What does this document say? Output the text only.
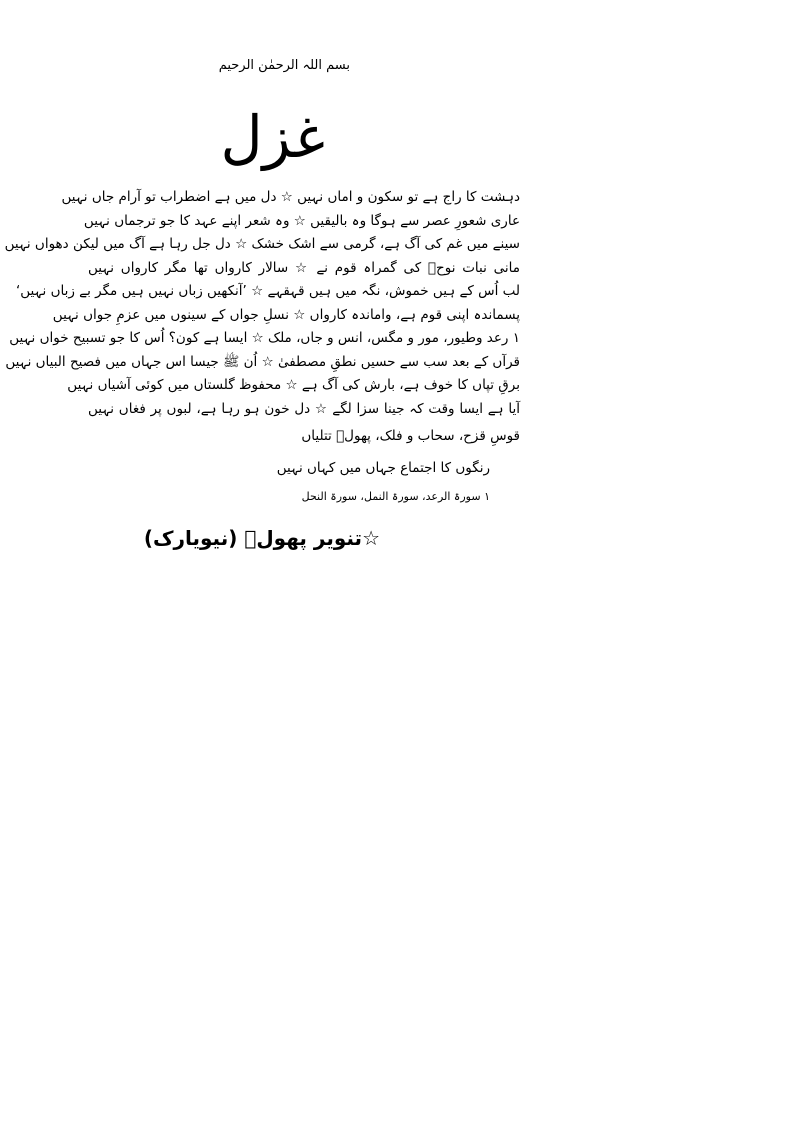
بسم اللہ الرحمٰن الرحیم
غزل
دہشت کا راج ہے تو سکون و اماں نہیں ☆ دل میں ہے اضطراب تو آرام جاں نہیں
عاری شعورِ عصر سے ہوگا وہ بالیقیں ☆ وہ شعر اپنے عہد کا جو ترجماں نہیں
سینے میں غم کی آگ ہے، گرمی سے اشک خشک ☆ دل جل رہا ہے آگ میں لیکن دھواں نہیں
مانی نبات نوحؑ کی گمراہ قوم نے ☆ سالار کارواں تھا مگر کارواں نہیں
لب اُس کے ہیں خموش، نگہ میں ہیں قہقہے ☆ ’آنکھیں زباں نہیں ہیں مگر بے زباں نہیں‘
پسماندہ اپنی قوم ہے، واماندہ کارواں ☆ نسلِ جواں کے سینوں میں عزمِ جواں نہیں
۱ رعد وطیور، مور و مگس، انس و جاں، ملک ☆ ایسا ہے کون؟ اُس کا جو تسبیح خواں نہیں
قرآں کے بعد سب سے حسیں نطقِ مصطفیٰ ☆ اُن ﷺ جیسا اس جہاں میں فصیح البیاں نہیں
برقِ تپاں کا خوف ہے، بارش کی آگ ہے ☆ محفوظ گلستاں میں کوئی آشیاں نہیں
آیا ہے ایسا وقت کہ جینا سزا لگے ☆ دل خون ہو رہا ہے، لبوں پر فغاں نہیں
قوسِ قزح، سحاب و فلک، پھولؔ تتلیاں
رنگوں کا اجتماع جہاں میں کہاں نہیں
۱ سورۃ الرعد، سورۃ النمل، سورۃ النحل
☆تنویر پھولؔ (نیویارک)
